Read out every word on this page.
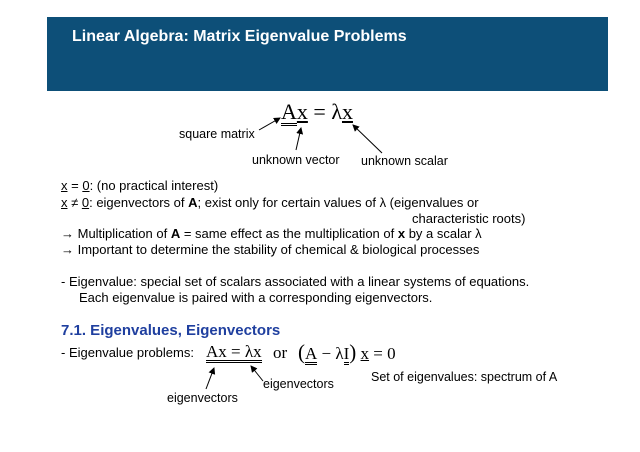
Linear Algebra: Matrix Eigenvalue Problems
Ax = λx
square matrix
unknown vector unknown scalar
x = 0: (no practical interest)
x ≠ 0: eigenvectors of A; exist only for certain values of λ (eigenvalues or
characteristic roots)
→ Multiplication of A = same effect as the multiplication of x by a scalar λ
→ Important to determine the stability of chemical & biological processes
- Eigenvalue: special set of scalars associated with a linear systems of equations.
Each eigenvalue is paired with a corresponding eigenvectors.
7.1. Eigenvalues, Eigenvectors
- Eigenvalue problems: Ax = λx or (A − λI) x = 0
Set of eigenvalues: spectrum of A
eigenvectors
eigenvectors
